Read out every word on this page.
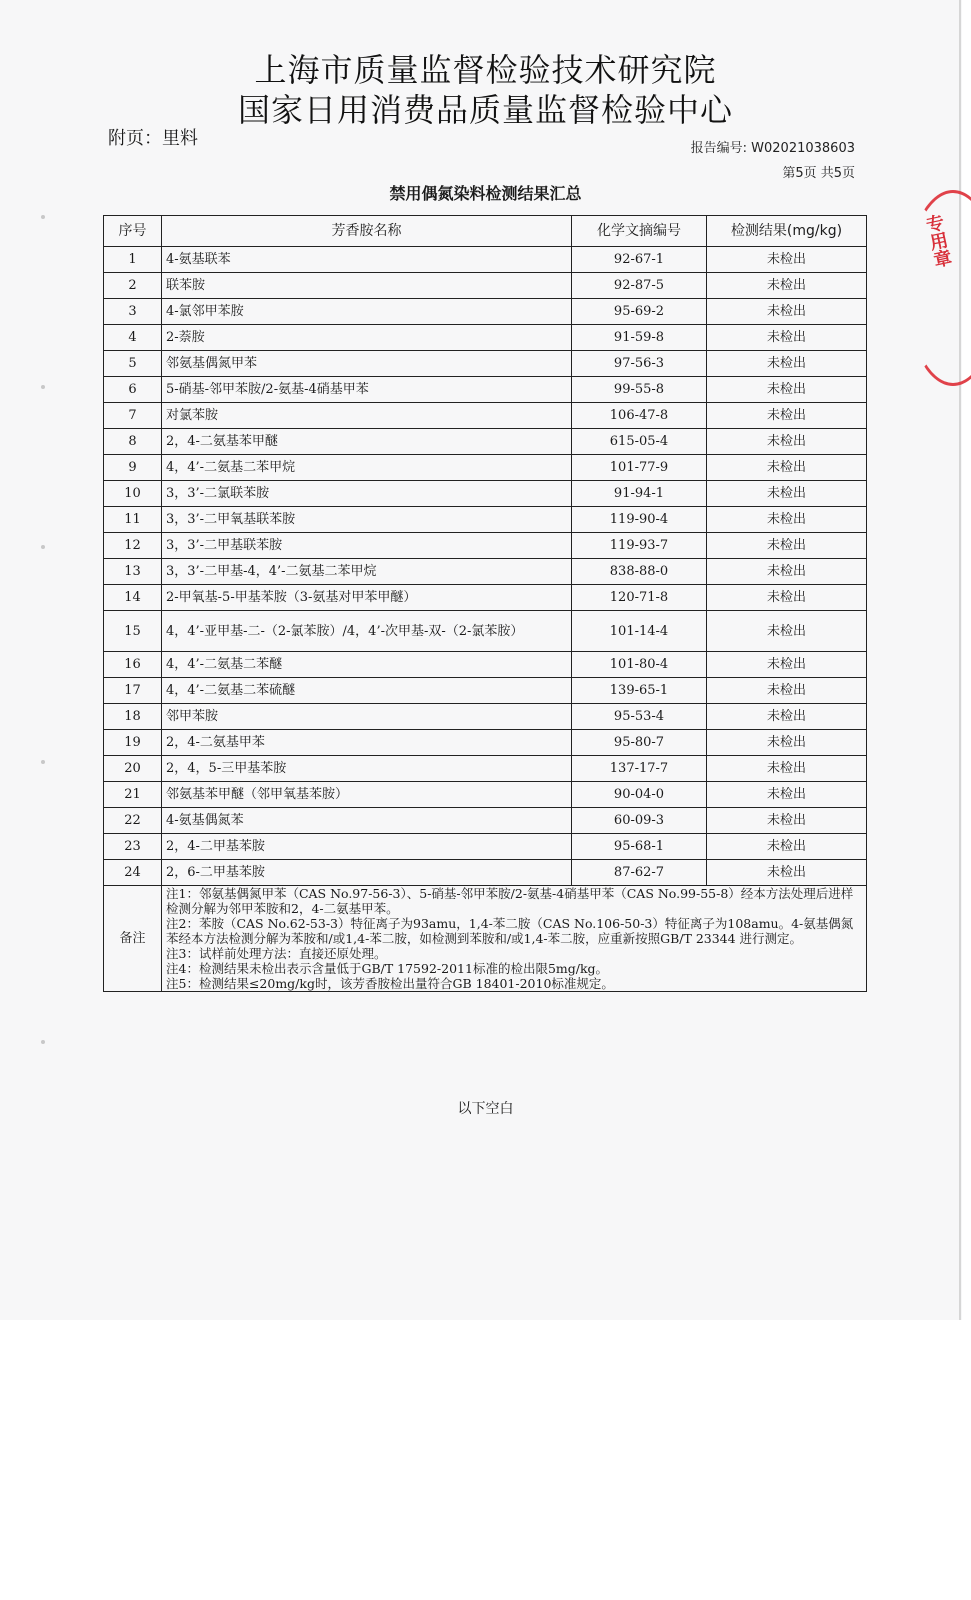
上海市质量监督检验技术研究院
国家日用消费品质量监督检验中心
附页：里料	报告编号: W02021038603
第5页 共5页
禁用偶氮染料检测结果汇总
序号	芳香胺名称	化学文摘编号	检测结果(mg/kg)
1	4-氨基联苯	92-67-1	未检出
2	联苯胺	92-87-5	未检出
3	4-氯邻甲苯胺	95-69-2	未检出
4	2-萘胺	91-59-8	未检出
5	邻氨基偶氮甲苯	97-56-3	未检出
6	5-硝基-邻甲苯胺/2-氨基-4硝基甲苯	99-55-8	未检出
7	对氯苯胺	106-47-8	未检出
8	2，4-二氨基苯甲醚	615-05-4	未检出
9	4，4’-二氨基二苯甲烷	101-77-9	未检出
10	3，3’-二氯联苯胺	91-94-1	未检出
11	3，3’-二甲氧基联苯胺	119-90-4	未检出
12	3，3’-二甲基联苯胺	119-93-7	未检出
13	3，3’-二甲基-4，4’-二氨基二苯甲烷	838-88-0	未检出
14	2-甲氧基-5-甲基苯胺（3-氨基对甲苯甲醚）	120-71-8	未检出
15	4，4’-亚甲基-二-（2-氯苯胺）/4，4’-次甲基-双-（2-氯苯胺）	101-14-4	未检出
16	4，4’-二氨基二苯醚	101-80-4	未检出
17	4，4’-二氨基二苯硫醚	139-65-1	未检出
18	邻甲苯胺	95-53-4	未检出
19	2，4-二氨基甲苯	95-80-7	未检出
20	2，4，5-三甲基苯胺	137-17-7	未检出
21	邻氨基苯甲醚（邻甲氧基苯胺）	90-04-0	未检出
22	4-氨基偶氮苯	60-09-3	未检出
23	2，4-二甲基苯胺	95-68-1	未检出
24	2，6-二甲基苯胺	87-62-7	未检出
备注	注1：邻氨基偶氮甲苯（CAS No.97-56-3）、5-硝基-邻甲苯胺/2-氨基-4硝基甲苯（CAS No.99-55-8）经本方法处理后进样检测分解为邻甲苯胺和2，4-二氨基甲苯。

注2：苯胺（CAS No.62-53-3）特征离子为93amu，1,4-苯二胺（CAS No.106-50-3）特征离子为108amu。4-氨基偶氮苯经本方法检测分解为苯胺和/或1,4-苯二胺，如检测到苯胺和/或1,4-苯二胺，应重新按照GB/T 23344 进行测定。

注3：试样前处理方法：直接还原处理。

注4：检测结果未检出表示含量低于GB/T 17592-2011标准的检出限5mg/kg。

注5：检测结果≤20mg/kg时，该芳香胺检出量符合GB 18401-2010标准规定。		

以下空白
专用章
